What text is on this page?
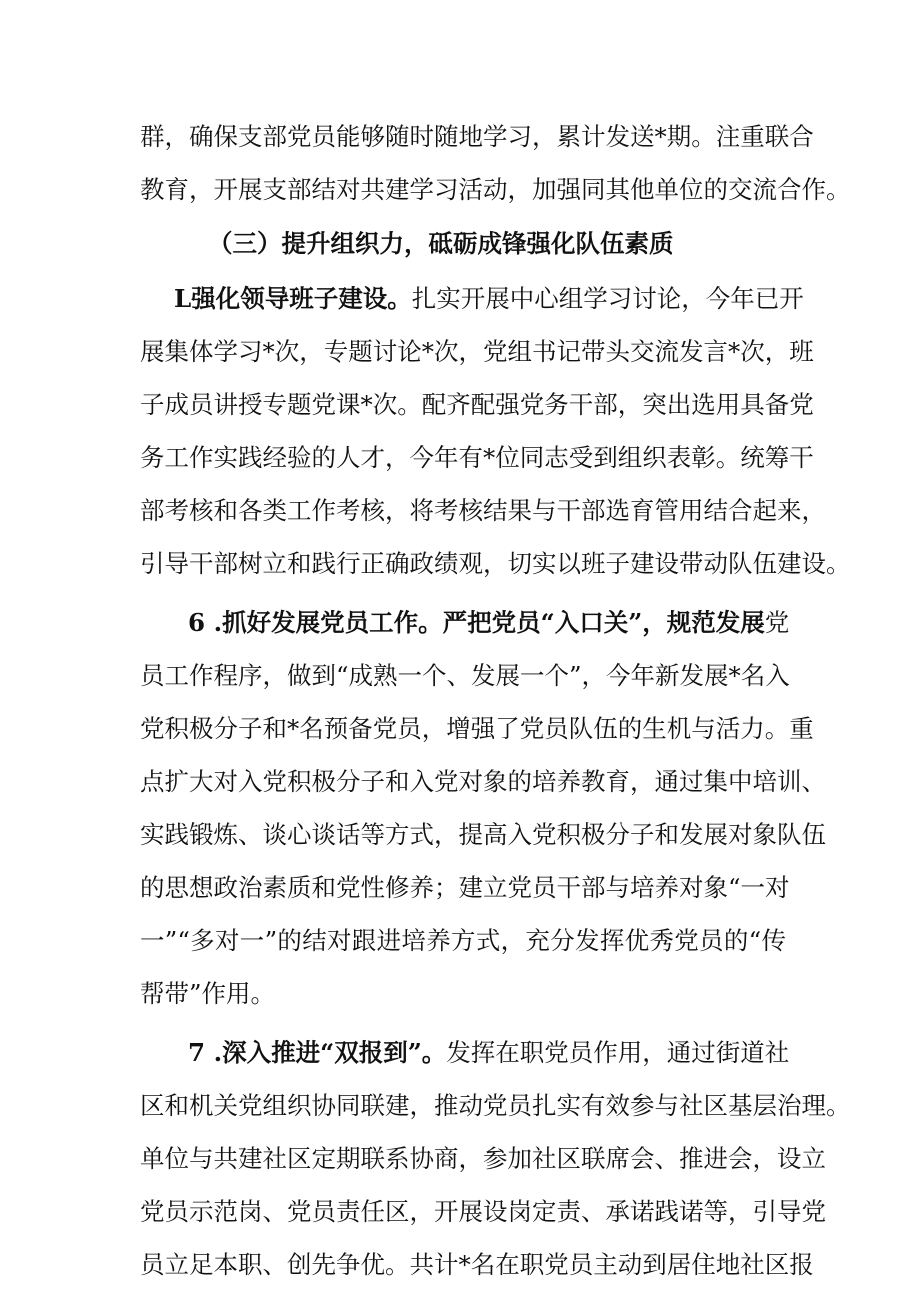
群，确保支部党员能够随时随地学习，累计发送*期。注重联合
教育，开展支部结对共建学习活动，加强同其他单位的交流合作。
（三）提升组织力，砥砺成锋强化队伍素质
L强化领导班子建设。扎实开展中心组学习讨论，今年已开
展集体学习*次，专题讨论*次，党组书记带头交流发言*次，班
子成员讲授专题党课*次。配齐配强党务干部，突出选用具备党
务工作实践经验的人才，今年有*位同志受到组织表彰。统筹干
部考核和各类工作考核，将考核结果与干部选育管用结合起来，
引导干部树立和践行正确政绩观，切实以班子建设带动队伍建设。
6 .抓好发展党员工作。严把党员“入口关”，规范发展党
员工作程序，做到“成熟一个、发展一个”，今年新发展*名入
党积极分子和*名预备党员，增强了党员队伍的生机与活力。重
点扩大对入党积极分子和入党对象的培养教育，通过集中培训、
实践锻炼、谈心谈话等方式，提高入党积极分子和发展对象队伍
的思想政治素质和党性修养；建立党员干部与培养对象“一对
一”“多对一”的结对跟进培养方式，充分发挥优秀党员的“传
帮带”作用。
7 .深入推进“双报到”。发挥在职党员作用，通过街道社
区和机关党组织协同联建，推动党员扎实有效参与社区基层治理。
单位与共建社区定期联系协商，参加社区联席会、推进会，设立
党员示范岗、党员责任区，开展设岗定责、承诺践诺等，引导党
员立足本职、创先争优。共计*名在职党员主动到居住地社区报
